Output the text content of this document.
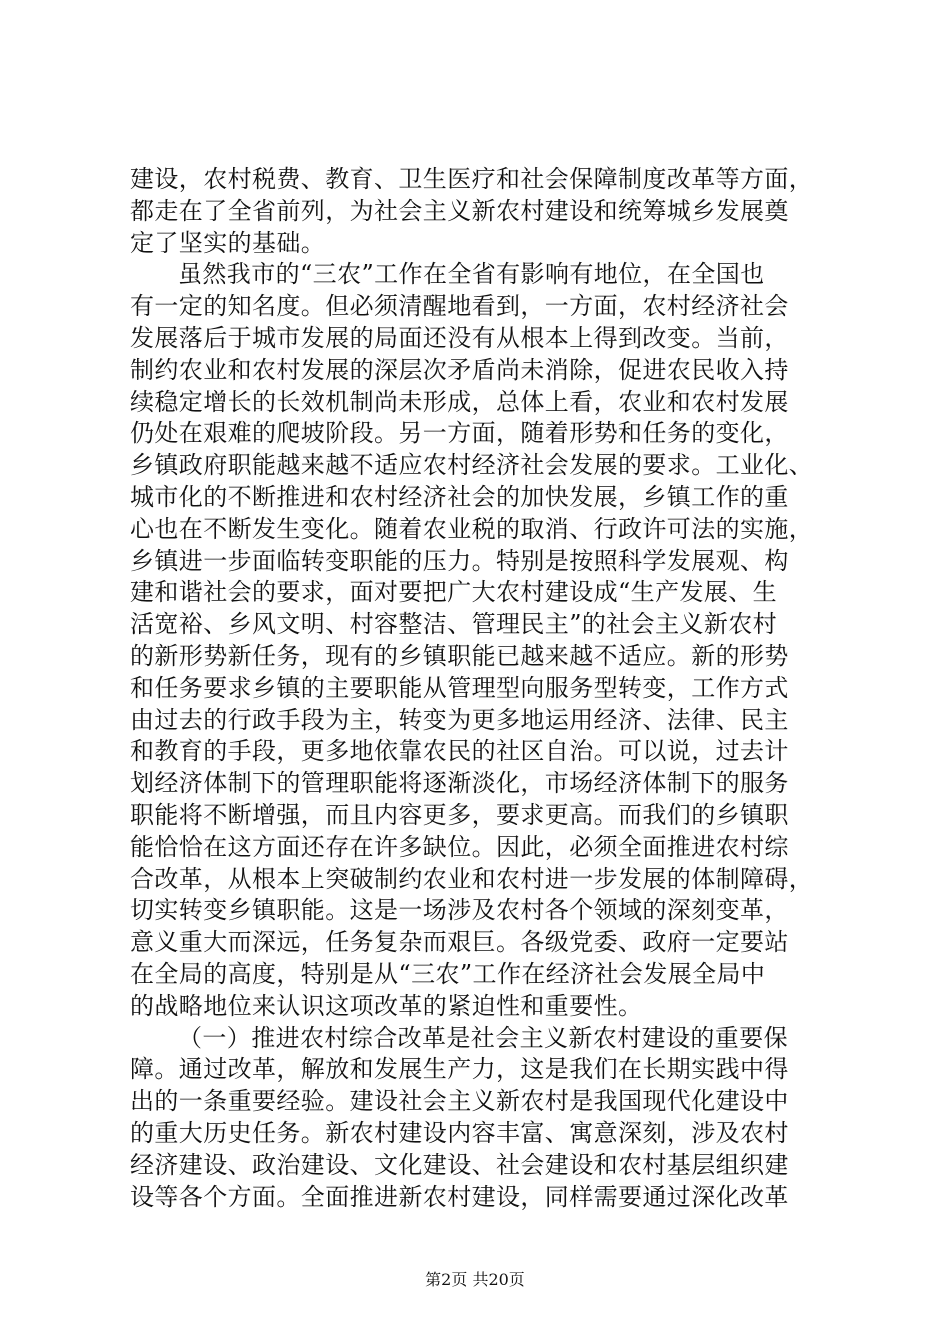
建设，农村税费、教育、卫生医疗和社会保障制度改革等方面，
都走在了全省前列，为社会主义新农村建设和统筹城乡发展奠
定了坚实的基础。
虽然我市的“三农”工作在全省有影响有地位，在全国也
有一定的知名度。但必须清醒地看到，一方面，农村经济社会
发展落后于城市发展的局面还没有从根本上得到改变。当前，
制约农业和农村发展的深层次矛盾尚未消除，促进农民收入持
续稳定增长的长效机制尚未形成，总体上看，农业和农村发展
仍处在艰难的爬坡阶段。另一方面，随着形势和任务的变化，
乡镇政府职能越来越不适应农村经济社会发展的要求。工业化、
城市化的不断推进和农村经济社会的加快发展，乡镇工作的重
心也在不断发生变化。随着农业税的取消、行政许可法的实施，
乡镇进一步面临转变职能的压力。特别是按照科学发展观、构
建和谐社会的要求，面对要把广大农村建设成“生产发展、生
活宽裕、乡风文明、村容整洁、管理民主”的社会主义新农村
的新形势新任务，现有的乡镇职能已越来越不适应。新的形势
和任务要求乡镇的主要职能从管理型向服务型转变，工作方式
由过去的行政手段为主，转变为更多地运用经济、法律、民主
和教育的手段，更多地依靠农民的社区自治。可以说，过去计
划经济体制下的管理职能将逐渐淡化，市场经济体制下的服务
职能将不断增强，而且内容更多，要求更高。而我们的乡镇职
能恰恰在这方面还存在许多缺位。因此，必须全面推进农村综
合改革，从根本上突破制约农业和农村进一步发展的体制障碍，
切实转变乡镇职能。这是一场涉及农村各个领域的深刻变革，
意义重大而深远，任务复杂而艰巨。各级党委、政府一定要站
在全局的高度，特别是从“三农”工作在经济社会发展全局中
的战略地位来认识这项改革的紧迫性和重要性。
（一）推进农村综合改革是社会主义新农村建设的重要保
障。通过改革，解放和发展生产力，这是我们在长期实践中得
出的一条重要经验。建设社会主义新农村是我国现代化建设中
的重大历史任务。新农村建设内容丰富、寓意深刻，涉及农村
经济建设、政治建设、文化建设、社会建设和农村基层组织建
设等各个方面。全面推进新农村建设，同样需要通过深化改革
第2页 共20页
